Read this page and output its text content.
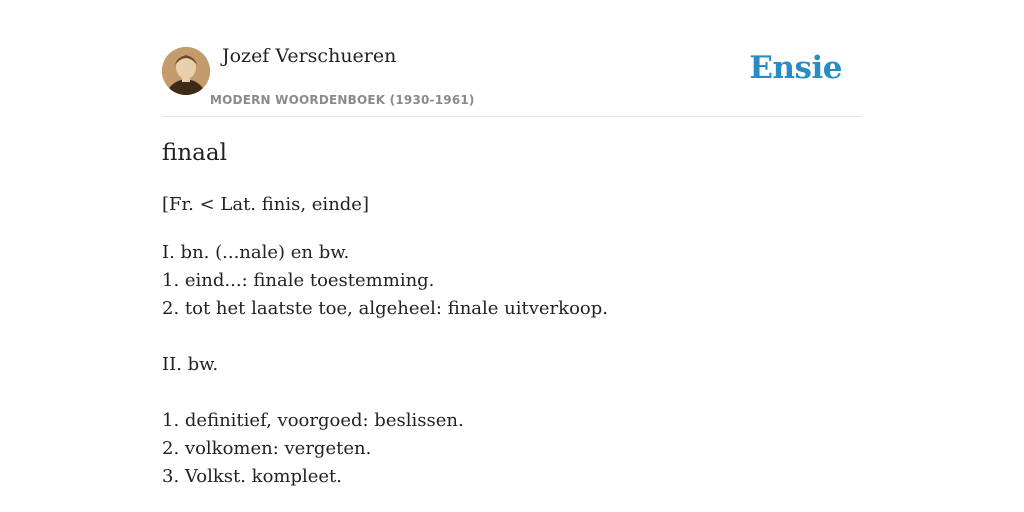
Jozef Verschueren
MODERN WOORDENBOEK (1930-1961)
Ensie
finaal
[Fr. < Lat. finis, einde]
I. bn. (...nale) en bw.
1. eind...: finale toestemming.
2. tot het laatste toe, algeheel: finale uitverkoop.
II. bw.
1. definitief, voorgoed: beslissen.
2. volkomen: vergeten.
3. Volkst. kompleet.
